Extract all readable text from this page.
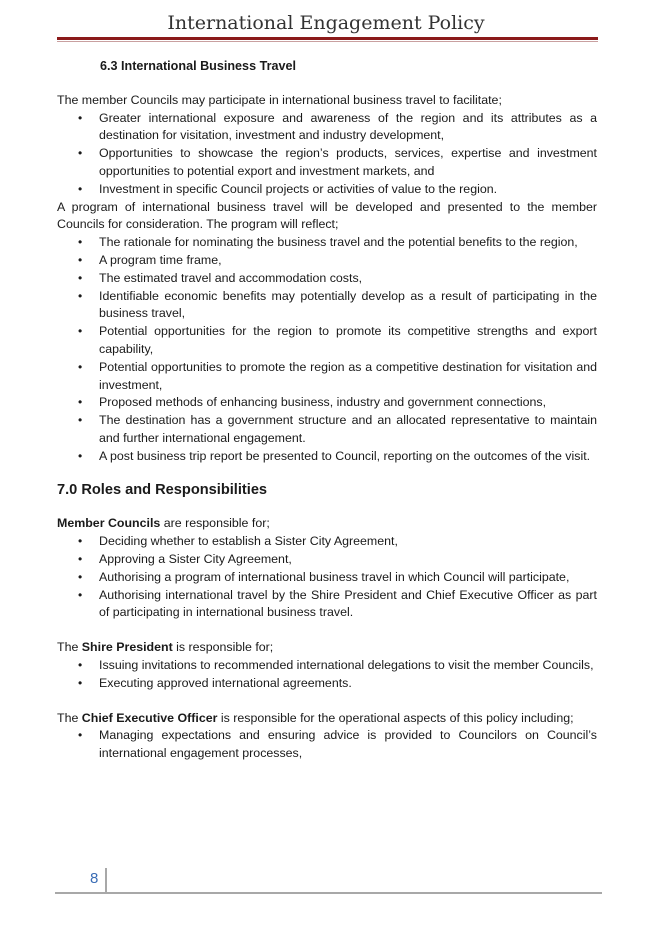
International Engagement Policy
6.3 International Business Travel

The member Councils may participate in international business travel to facilitate;

• Greater international exposure and awareness of the region and its attributes as a destination for visitation, investment and industry development,
• Opportunities to showcase the region’s products, services, expertise and investment opportunities to potential export and investment markets, and
• Investment in specific Council projects or activities of value to the region.

A program of international business travel will be developed and presented to the member Councils for consideration. The program will reflect;

• The rationale for nominating the business travel and the potential benefits to the region,
• A program time frame,
• The estimated travel and accommodation costs,
• Identifiable economic benefits may potentially develop as a result of participating in the business travel,
• Potential opportunities for the region to promote its competitive strengths and export capability,
• Potential opportunities to promote the region as a competitive destination for visitation and investment,
• Proposed methods of enhancing business, industry and government connections,
• The destination has a government structure and an allocated representative to maintain and further international engagement.
• A post business trip report be presented to Council, reporting on the outcomes of the visit.
7.0 Roles and Responsibilities

Member Councils are responsible for;

• Deciding whether to establish a Sister City Agreement,
• Approving a Sister City Agreement,
• Authorising a program of international business travel in which Council will participate,
• Authorising international travel by the Shire President and Chief Executive Officer as part of participating in international business travel.

The Shire President is responsible for;

• Issuing invitations to recommended international delegations to visit the member Councils,
• Executing approved international agreements.

The Chief Executive Officer is responsible for the operational aspects of this policy including;

• Managing expectations and ensuring advice is provided to Councilors on Council’s international engagement processes,
8
